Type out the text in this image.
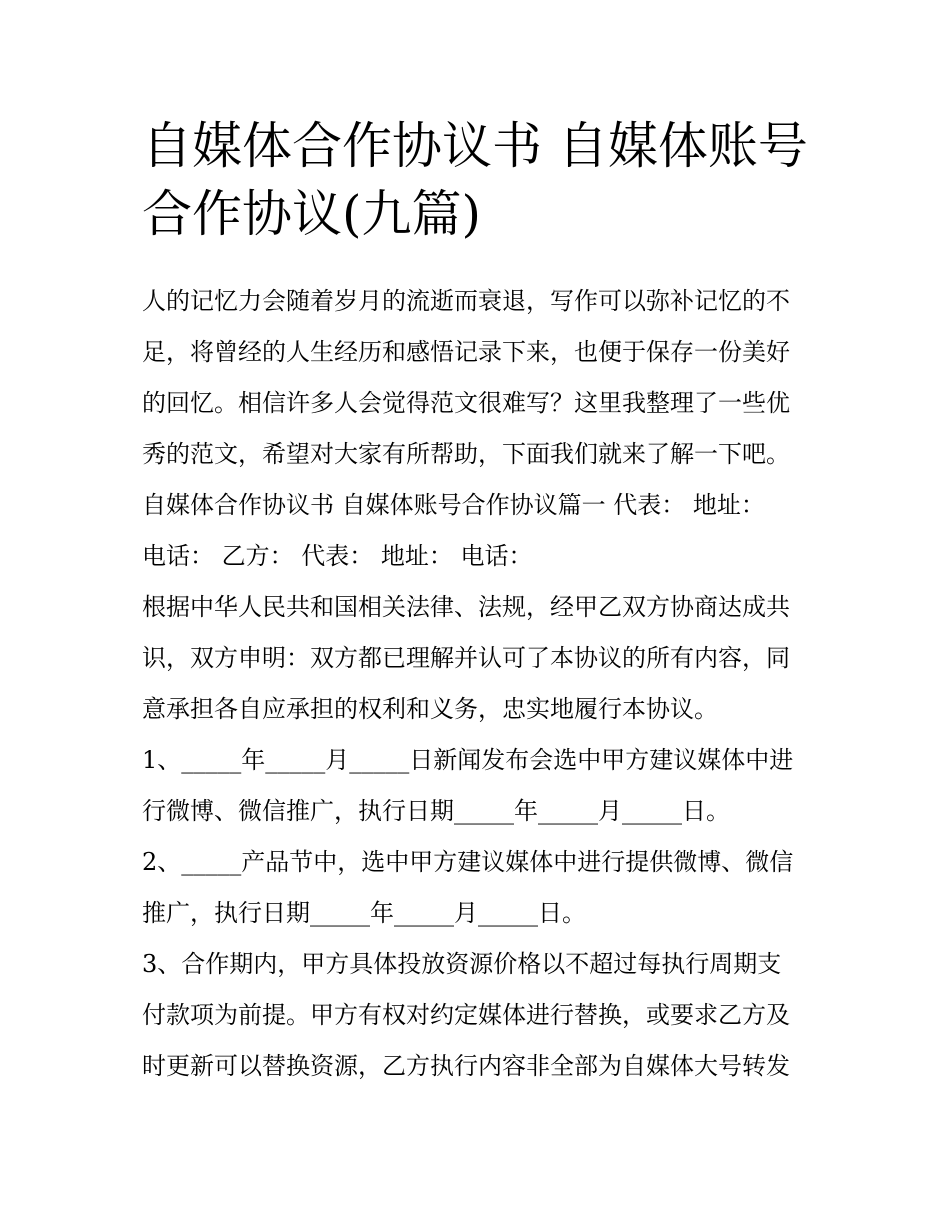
自媒体合作协议书 自媒体账号
合作协议(九篇)
人的记忆力会随着岁月的流逝而衰退，写作可以弥补记忆的不
足，将曾经的人生经历和感悟记录下来，也便于保存一份美好
的回忆。相信许多人会觉得范文很难写？这里我整理了一些优
秀的范文，希望对大家有所帮助，下面我们就来了解一下吧。
自媒体合作协议书 自媒体账号合作协议篇一 代表： 地址：
电话： 乙方： 代表： 地址： 电话：
根据中华人民共和国相关法律、法规，经甲乙双方协商达成共
识，双方申明：双方都已理解并认可了本协议的所有内容，同
意承担各自应承担的权利和义务，忠实地履行本协议。
1、_____年_____月_____日新闻发布会选中甲方建议媒体中进
行微博、微信推广，执行日期_____年_____月_____日。
2、_____产品节中，选中甲方建议媒体中进行提供微博、微信
推广，执行日期_____年_____月_____日。
3、合作期内，甲方具体投放资源价格以不超过每执行周期支
付款项为前提。甲方有权对约定媒体进行替换，或要求乙方及
时更新可以替换资源，乙方执行内容非全部为自媒体大号转发
